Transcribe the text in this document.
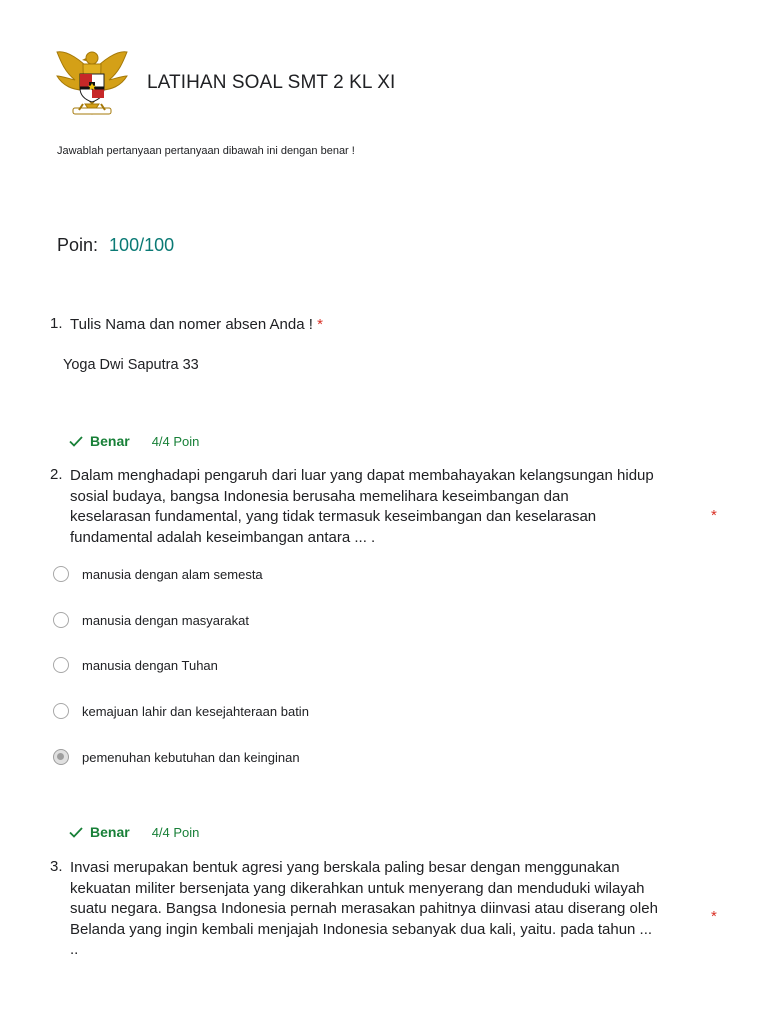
LATIHAN SOAL SMT 2 KL XI
Jawablah pertanyaan pertanyaan dibawah ini dengan benar !
Poin: 100/100
1. Tulis Nama dan nomer absen Anda ! *
Yoga Dwi Saputra 33
Benar 4/4 Poin
2. Dalam menghadapi pengaruh dari luar yang dapat membahayakan kelangsungan hidup
sosial budaya, bangsa Indonesia berusaha memelihara keseimbangan dan
keselarasan fundamental, yang tidak termasuk keseimbangan dan keselarasan
fundamental adalah keseimbangan antara ... .
*
manusia dengan alam semesta
manusia dengan masyarakat
manusia dengan Tuhan
kemajuan lahir dan kesejahteraan batin
pemenuhan kebutuhan dan keinginan
Benar 4/4 Poin
3. Invasi merupakan bentuk agresi yang berskala paling besar dengan menggunakan
kekuatan militer bersenjata yang dikerahkan untuk menyerang dan menduduki wilayah
suatu negara. Bangsa Indonesia pernah merasakan pahitnya diinvasi atau diserang oleh
Belanda yang ingin kembali menjajah Indonesia sebanyak dua kali, yaitu. pada tahun ...
..
*
